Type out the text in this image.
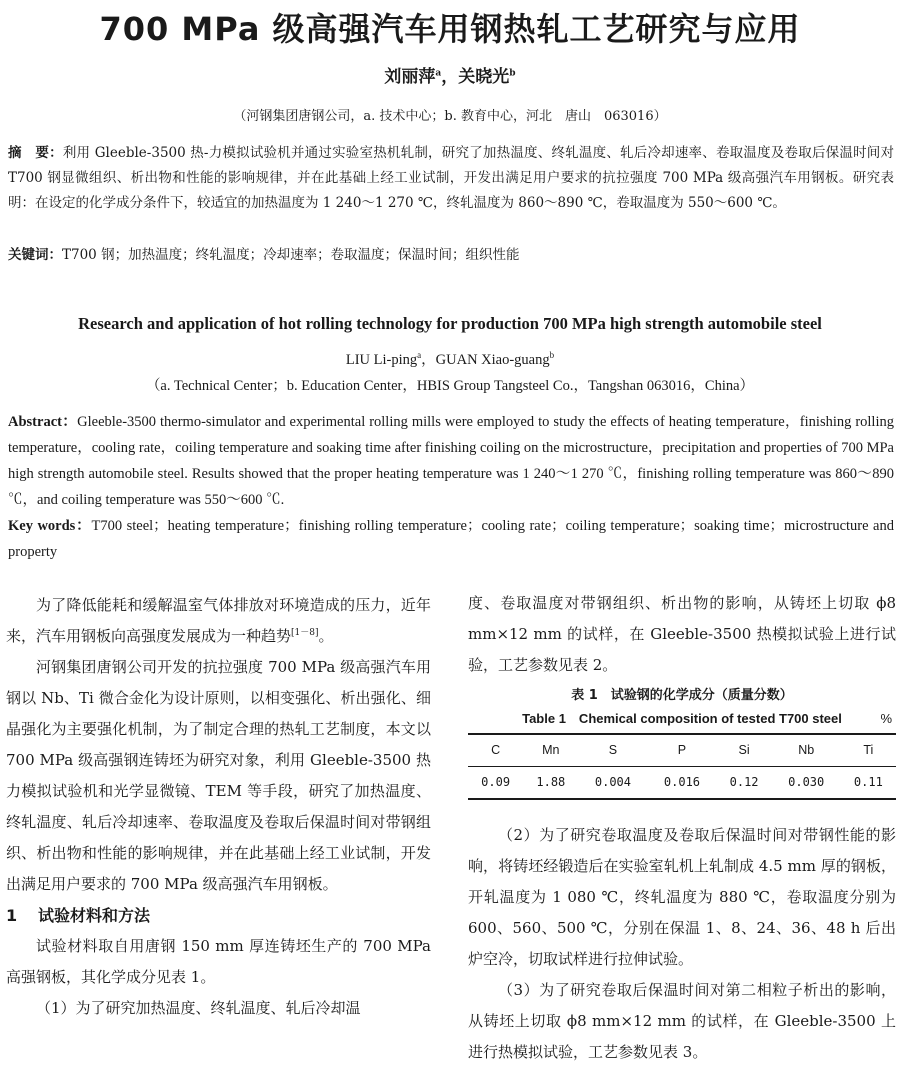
700 MPa 级高强汽车用钢热轧工艺研究与应用
刘丽萍$^a$，关晓光$^b$
（河钢集团唐钢公司，a. 技术中心；b. 教育中心，河北　唐山　063016）
摘　要：利用 Gleeble-3500 热-力模拟试验机并通过实验室热机轧制，研究了加热温度、终轧温度、轧后冷却速率、卷取温度及卷取后保温时间对 T700 钢显微组织、析出物和性能的影响规律，并在此基础上经工业试制，开发出满足用户要求的抗拉强度 700 MPa 级高强汽车用钢板。研究表明：在设定的化学成分条件下，较适宜的加热温度为 1 240～1 270 ℃，终轧温度为 860～890 ℃，卷取温度为 550～600 ℃。
关键词：T700 钢；加热温度；终轧温度；冷却速率；卷取温度；保温时间；组织性能
Research and application of hot rolling technology for production 700 MPa high strength automobile steel
LIU Li-ping$^a$，GUAN Xiao-guang$^b$
（a. Technical Center；b. Education Center，HBIS Group Tangsteel Co.，Tangshan 063016，China）
Abstract：Gleeble-3500 thermo-simulator and experimental rolling mills were employed to study the effects of heating temperature，finishing rolling temperature，cooling rate，coiling temperature and soaking time after finishing coiling on the microstructure，precipitation and properties of 700 MPa high strength automobile steel. Results showed that the proper heating temperature was 1 240～1 270 ℃，finishing rolling temperature was 860～890 ℃，and coiling temperature was 550～600 ℃.
Key words：T700 steel；heating temperature；finishing rolling temperature；cooling rate；coiling temperature；soaking time；microstructure and property

为了降低能耗和缓解温室气体排放对环境造成的压力，近年来，汽车用钢板向高强度发展成为一种趋势[1－8]。

河钢集团唐钢公司开发的抗拉强度 700 MPa 级高强汽车用钢以 Nb、Ti 微合金化为设计原则，以相变强化、析出强化、细晶强化为主要强化机制，为了制定合理的热轧工艺制度，本文以 700 MPa 级高强钢连铸坯为研究对象，利用 Gleeble-3500 热力模拟试验机和光学显微镜、TEM 等手段，研究了加热温度、终轧温度、轧后冷却速率、卷取温度及卷取后保温时间对带钢组织、析出物和性能的影响规律，并在此基础上经工业试制，开发出满足用户要求的 700 MPa 级高强汽车用钢板。

1 试验材料和方法

试验材料取自用唐钢 150 mm 厚连铸坯生产的 700 MPa 高强钢板，其化学成分见表 1。

（1）为了研究加热温度、终轧温度、轧后冷却温

度、卷取温度对带钢组织、析出物的影响，从铸坯上切取 ϕ8 mm×12 mm 的试样，在 Gleeble-3500 热模拟试验上进行试验，工艺参数见表 2。

表 1　试验钢的化学成分（质量分数）
Table 1　Chemical composition of tested T700 steel	%
C	Mn	S	P	Si	Nb	Ti
0.09	1.88	0.004	0.016	0.12	0.030	0.11

（2）为了研究卷取温度及卷取后保温时间对带钢性能的影响，将铸坯经锻造后在实验室轧机上轧制成 4.5 mm 厚的钢板，开轧温度为 1 080 ℃，终轧温度为 880 ℃，卷取温度分别为 600、560、500 ℃，分别在保温 1、8、24、36、48 h 后出炉空冷，切取试样进行拉伸试验。

（3）为了研究卷取后保温时间对第二相粒子析出的影响，从铸坯上切取 ϕ8 mm×12 mm 的试样，在 Gleeble-3500 上进行热模拟试验，工艺参数见表 3。
